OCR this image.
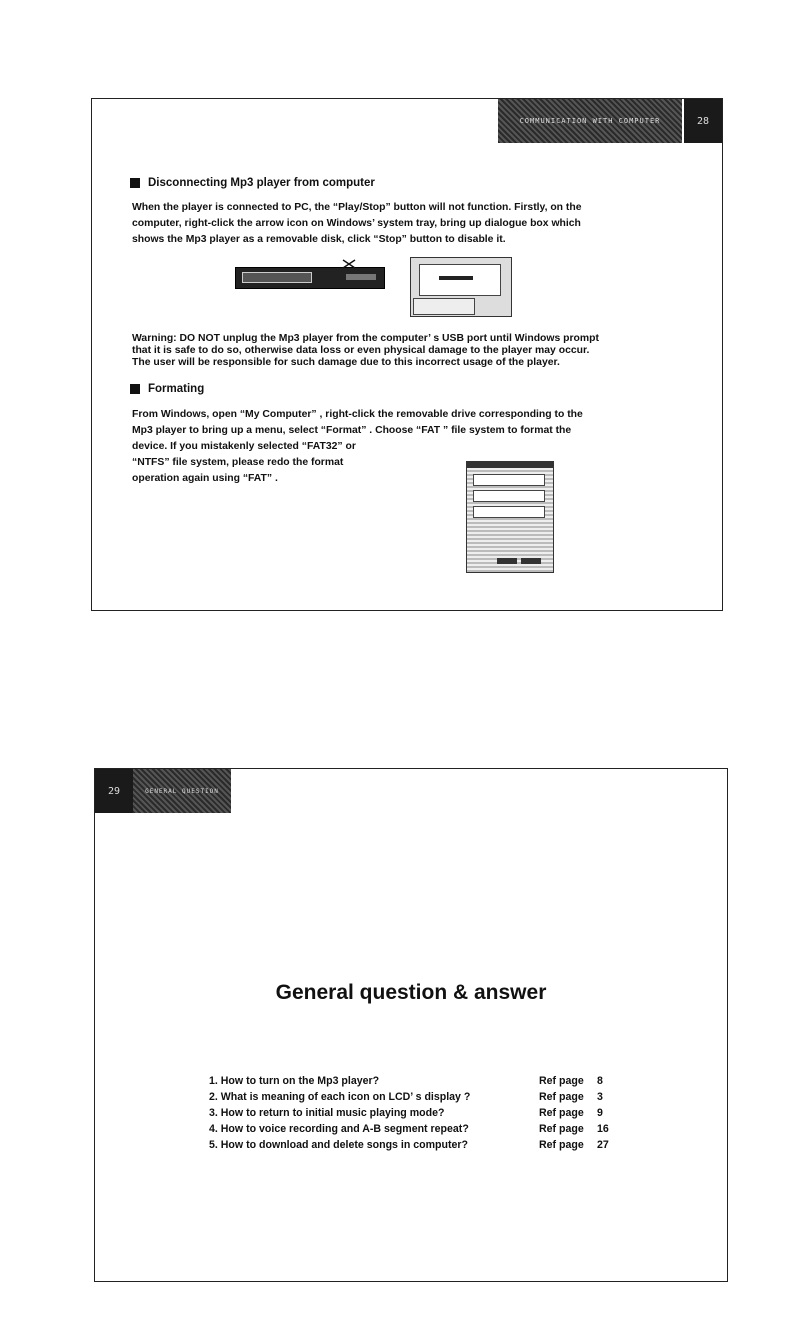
COMMUNICATION WITH COMPUTER	28
Disconnecting Mp3 player from computer
When the player is connected to PC, the “Play/Stop” button will not function. Firstly, on the
computer, right-click the arrow icon on Windows’ system tray, bring up dialogue box which
shows the Mp3 player as a removable disk, click “Stop” button to disable it.
Warning: DO NOT unplug the Mp3 player from the computer’ s USB port until Windows prompt
that it is safe to do so, otherwise data loss or even physical damage to the player may occur.
The user will be responsible for such damage due to this incorrect usage of the player.
Formating
From Windows, open “My Computer” , right-click the removable drive corresponding to the
Mp3 player to bring up a menu, select “Format” . Choose “FAT ” file system to format the
device. If you mistakenly selected “FAT32” or
“NTFS” file system, please redo the format
operation again using “FAT” .
29	GENERAL QUESTION
General question & answer
1. How to turn on the Mp3 player?	Ref page	8
2. What is meaning of each icon on LCD’ s display ?	Ref page	3
3. How to return to initial music playing mode?	Ref page	9
4. How to voice recording and A-B segment repeat?	Ref page	16
5. How to download and delete songs in computer?	Ref page	27
